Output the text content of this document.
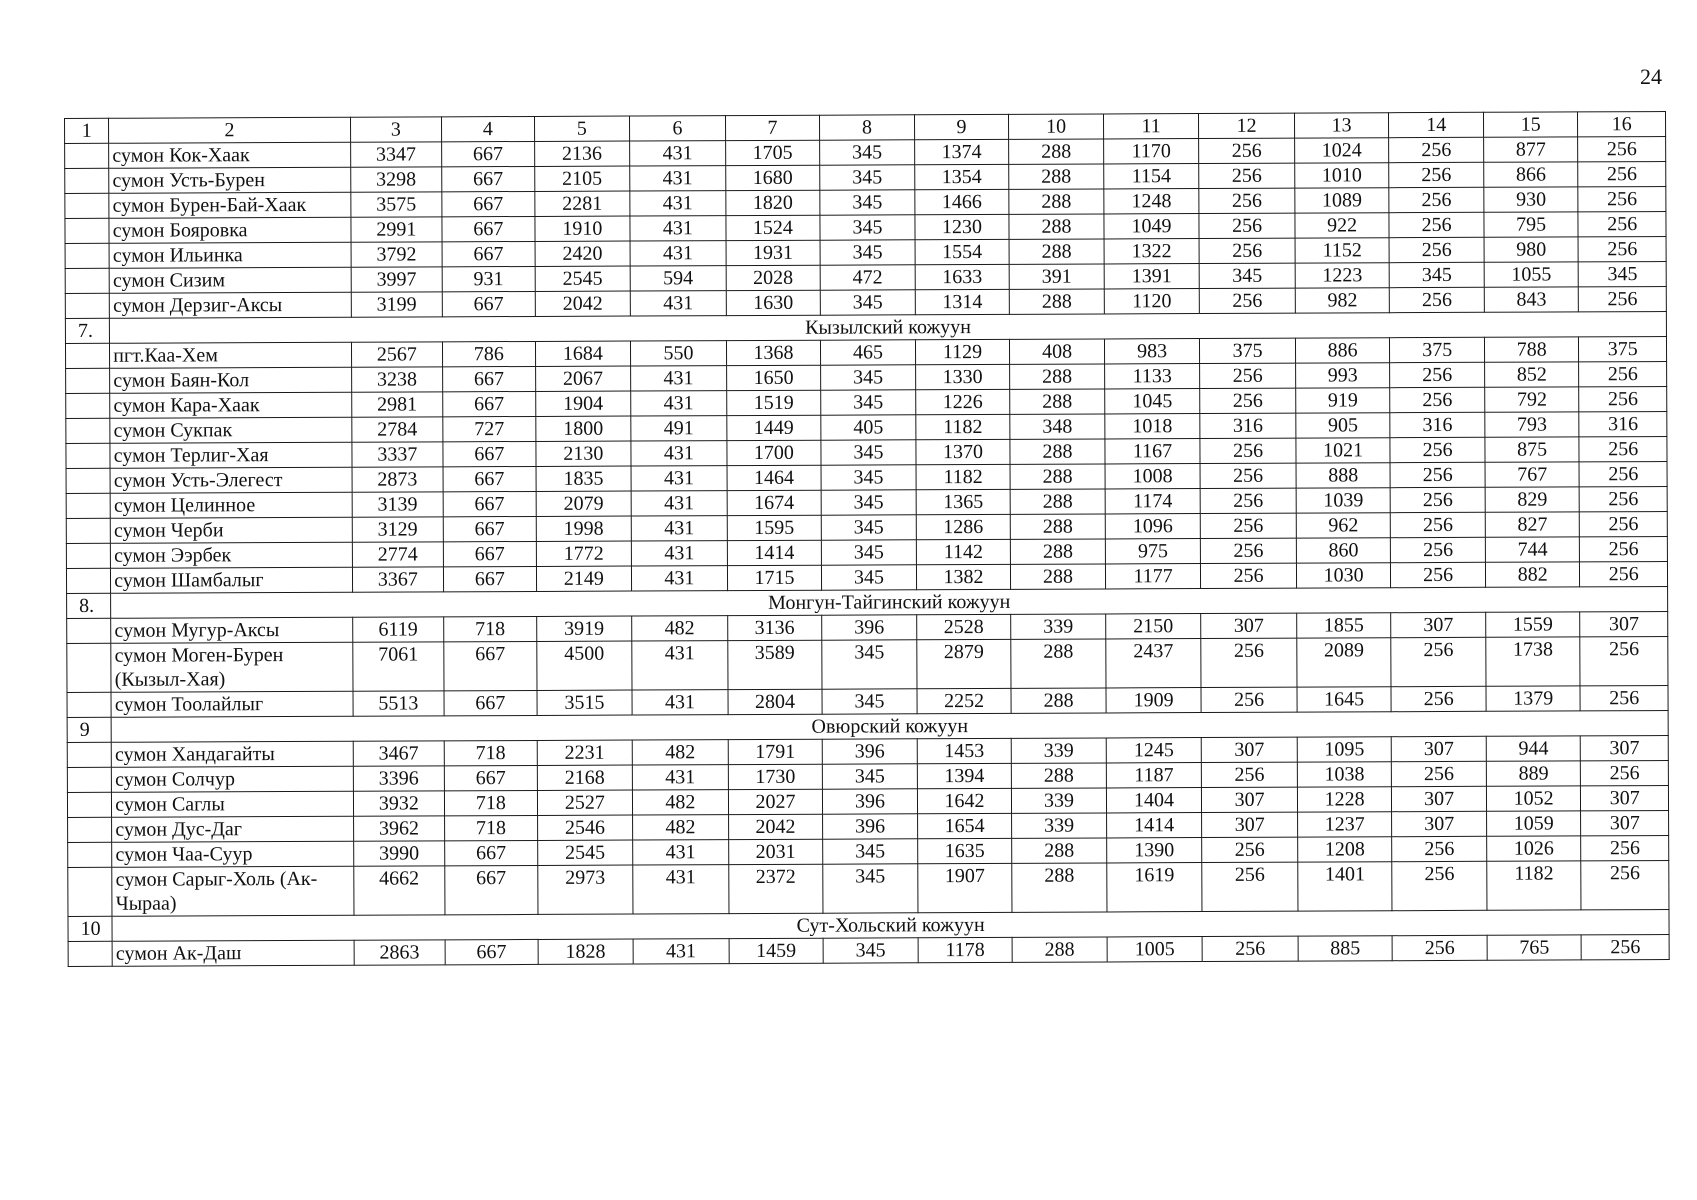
24
1	2	3	4	5	6	7	8	9	10	11	12	13	14	15	16
	сумон Кок-Хаак	3347	667	2136	431	1705	345	1374	288	1170	256	1024	256	877	256
	сумон Усть-Бурен	3298	667	2105	431	1680	345	1354	288	1154	256	1010	256	866	256
	сумон Бурен-Бай-Хаак	3575	667	2281	431	1820	345	1466	288	1248	256	1089	256	930	256
	сумон Бояровка	2991	667	1910	431	1524	345	1230	288	1049	256	922	256	795	256
	сумон Ильинка	3792	667	2420	431	1931	345	1554	288	1322	256	1152	256	980	256
	сумон Сизим	3997	931	2545	594	2028	472	1633	391	1391	345	1223	345	1055	345
	сумон Дерзиг-Аксы	3199	667	2042	431	1630	345	1314	288	1120	256	982	256	843	256
7.	Кызылский кожуун														
	пгт.Каа-Хем	2567	786	1684	550	1368	465	1129	408	983	375	886	375	788	375
	сумон Баян-Кол	3238	667	2067	431	1650	345	1330	288	1133	256	993	256	852	256
	сумон Кара-Хаак	2981	667	1904	431	1519	345	1226	288	1045	256	919	256	792	256
	сумон Сукпак	2784	727	1800	491	1449	405	1182	348	1018	316	905	316	793	316
	сумон Терлиг-Хая	3337	667	2130	431	1700	345	1370	288	1167	256	1021	256	875	256
	сумон Усть-Элегест	2873	667	1835	431	1464	345	1182	288	1008	256	888	256	767	256
	сумон Целинное	3139	667	2079	431	1674	345	1365	288	1174	256	1039	256	829	256
	сумон Черби	3129	667	1998	431	1595	345	1286	288	1096	256	962	256	827	256
	сумон Ээрбек	2774	667	1772	431	1414	345	1142	288	975	256	860	256	744	256
	сумон Шамбалыг	3367	667	2149	431	1715	345	1382	288	1177	256	1030	256	882	256
8.	Монгун-Тайгинский кожуун														
	сумон Мугур-Аксы	6119	718	3919	482	3136	396	2528	339	2150	307	1855	307	1559	307
	сумон Моген-Бурен (Кызыл-Хая)	7061	667	4500	431	3589	345	2879	288	2437	256	2089	256	1738	256
	сумон Тоолайлыг	5513	667	3515	431	2804	345	2252	288	1909	256	1645	256	1379	256
9	Овюрский кожуун														
	сумон Хандагайты	3467	718	2231	482	1791	396	1453	339	1245	307	1095	307	944	307
	сумон Солчур	3396	667	2168	431	1730	345	1394	288	1187	256	1038	256	889	256
	сумон Саглы	3932	718	2527	482	2027	396	1642	339	1404	307	1228	307	1052	307
	сумон Дус-Даг	3962	718	2546	482	2042	396	1654	339	1414	307	1237	307	1059	307
	сумон Чаа-Суур	3990	667	2545	431	2031	345	1635	288	1390	256	1208	256	1026	256
	сумон Сарыг-Холь (Ак-Чыраа)	4662	667	2973	431	2372	345	1907	288	1619	256	1401	256	1182	256
10	Сут-Хольский кожуун														
	сумон Ак-Даш	2863	667	1828	431	1459	345	1178	288	1005	256	885	256	765	256
